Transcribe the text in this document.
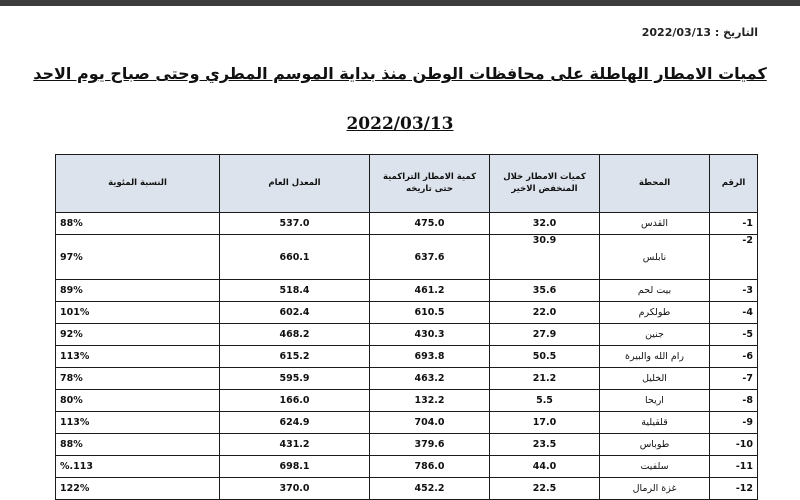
التاريخ : 2022/03/13
كميات الامطار الهاطلة على محافظات الوطن منذ بداية الموسم المطري وحتى صباح يوم الاحد
2022/03/13
الرقم	المحطة	كميات الامطار خلال المنخفض الاخير	كمية الامطار التراكمية حتى تاريخه	المعدل العام	النسبة المئوية
1-	القدس	32.0	475.0	537.0	88%
2-	نابلس	30.9	637.6	660.1	97%
3-	بيت لحم	35.6	461.2	518.4	89%
4-	طولكرم	22.0	610.5	602.4	101%
5-	جنين	27.9	430.3	468.2	92%
6-	رام الله والبيرة	50.5	693.8	615.2	113%
7-	الخليل	21.2	463.2	595.9	78%
8-	اريحا	5.5	132.2	166.0	80%
9-	قلقيلية	17.0	704.0	624.9	113%
10-	طوباس	23.5	379.6	431.2	88%
11-	سلفيت	44.0	786.0	698.1	113.%
12-	غزة الرمال	22.5	452.2	370.0	122%
